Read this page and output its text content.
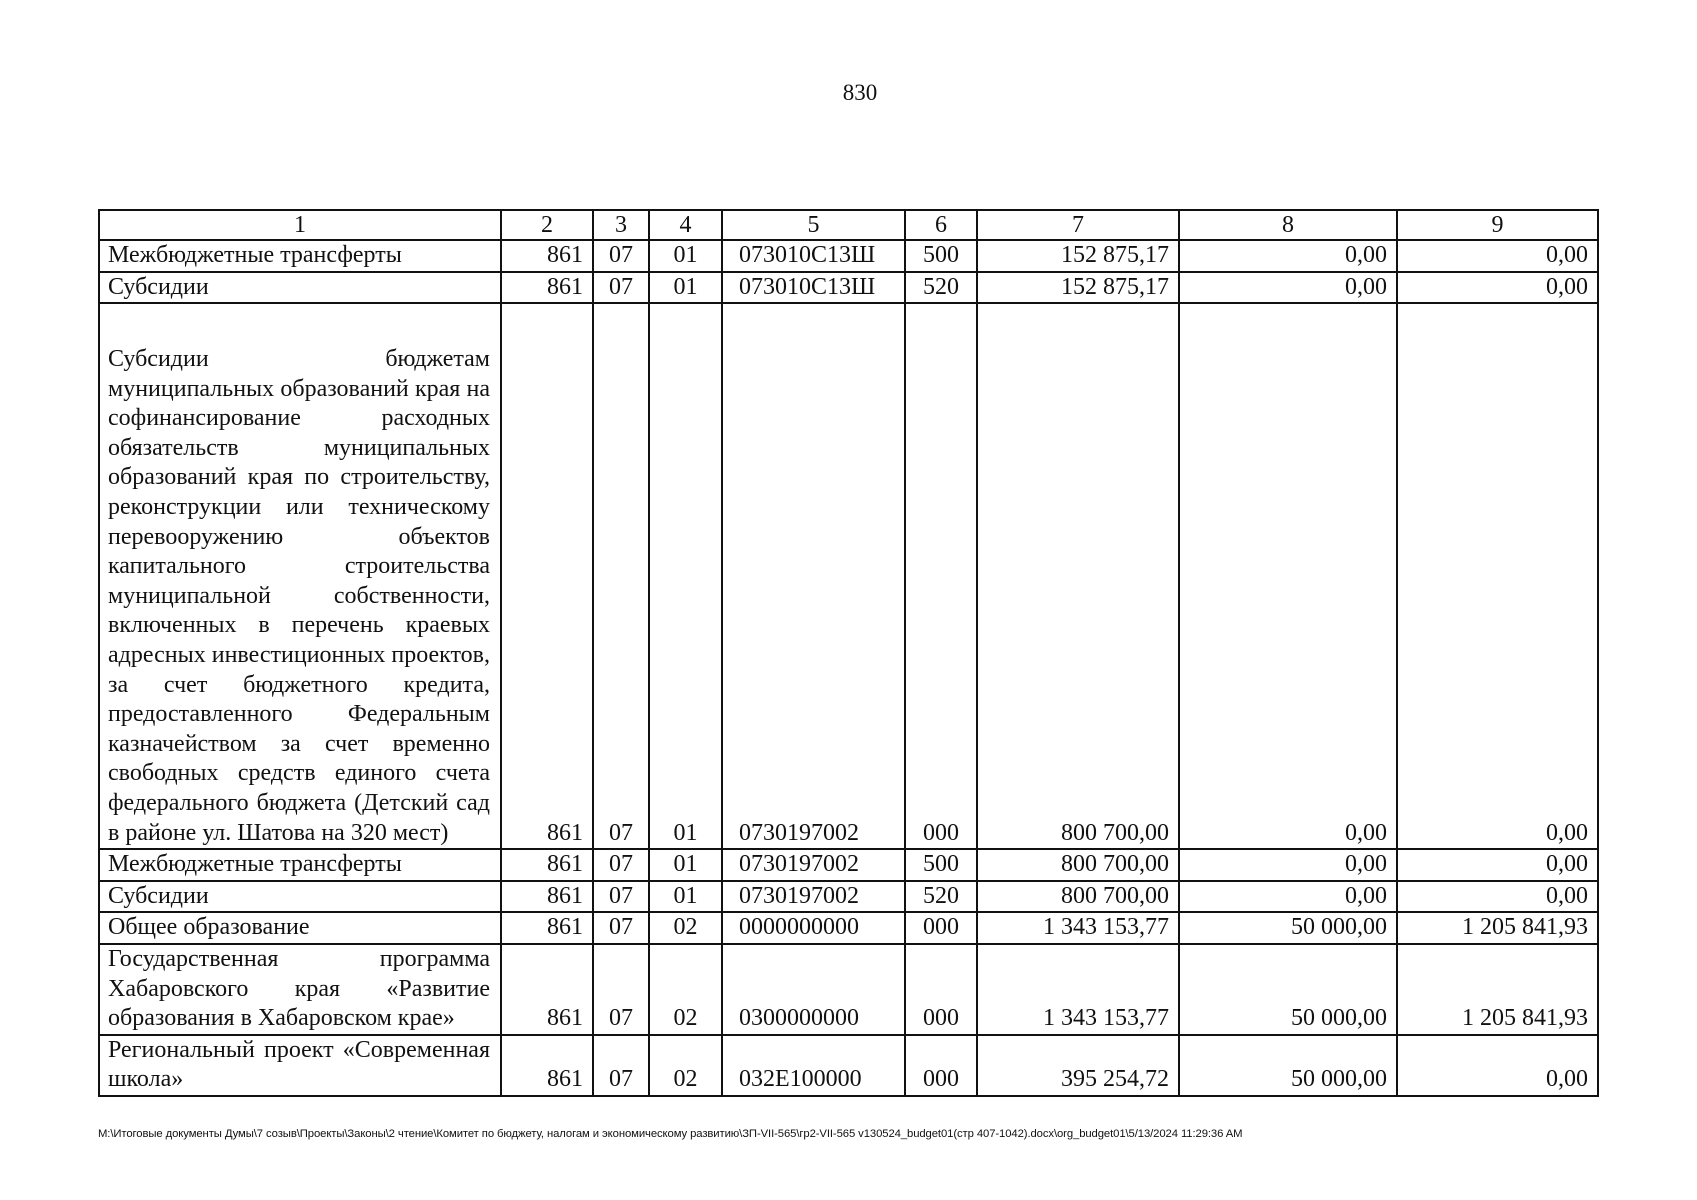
830
1	2	3	4	5	6	7	8	9
Межбюджетные трансферты	861	07	01	073010С13Ш	500	152 875,17	0,00	0,00
Субсидии	861	07	01	073010С13Ш	520	152 875,17	0,00	0,00
Субсидии бюджетам муниципальных образований края на софинансирование расходных обязательств муниципальных образований края по строительству, реконструкции или техническому перевооружению объектов капитального строительства муниципальной собственности, включенных в перечень краевых адресных инвестиционных проектов, за счет бюджетного кредита, предоставленного Федеральным казначейством за счет временно свободных средств единого счета федерального бюджета (Детский сад в районе ул. Шатова на 320 мест)	861	07	01	0730197002	000	800 700,00	0,00	0,00
Межбюджетные трансферты	861	07	01	0730197002	500	800 700,00	0,00	0,00
Субсидии	861	07	01	0730197002	520	800 700,00	0,00	0,00
Общее образование	861	07	02	0000000000	000	1 343 153,77	50 000,00	1 205 841,93
Государственная программа Хабаровского края «Развитие образования в Хабаровском крае»	861	07	02	0300000000	000	1 343 153,77	50 000,00	1 205 841,93
Региональный проект «Современная школа»	861	07	02	032E100000	000	395 254,72	50 000,00	0,00
M:\Итоговые документы Думы\7 созыв\Проекты\Законы\2 чтение\Комитет по бюджету, налогам и экономическому развитию\ЗП-VII-565\гр2-VII-565 v130524_budget01(стр 407-1042).docx\org_budget01\5/13/2024 11:29:36 AM
